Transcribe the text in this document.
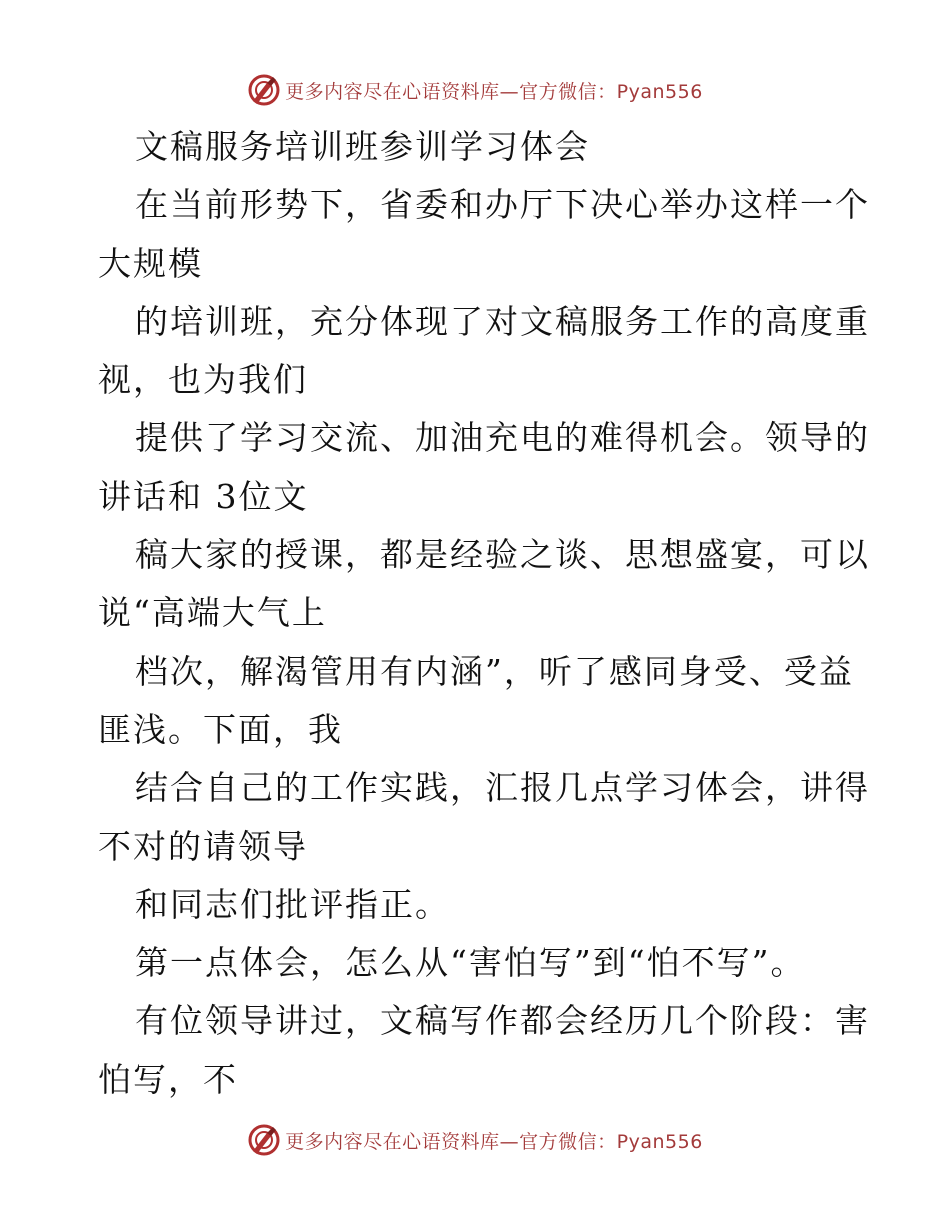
更多内容尽在心语资料库—官方微信：Pyan556
文稿服务培训班参训学习体会
在当前形势下，省委和办厅下决心举办这样一个
大规模
的培训班，充分体现了对文稿服务工作的高度重
视，也为我们
提供了学习交流、加油充电的难得机会。领导的
讲话和 3位文
稿大家的授课，都是经验之谈、思想盛宴，可以
说“高端大气上
档次，解渴管用有内涵”，听了感同身受、受益
匪浅。下面，我
结合自己的工作实践，汇报几点学习体会，讲得
不对的请领导
和同志们批评指正。
第一点体会，怎么从“害怕写”到“怕不写”。
有位领导讲过，文稿写作都会经历几个阶段：害
怕写，不
更多内容尽在心语资料库—官方微信：Pyan556
